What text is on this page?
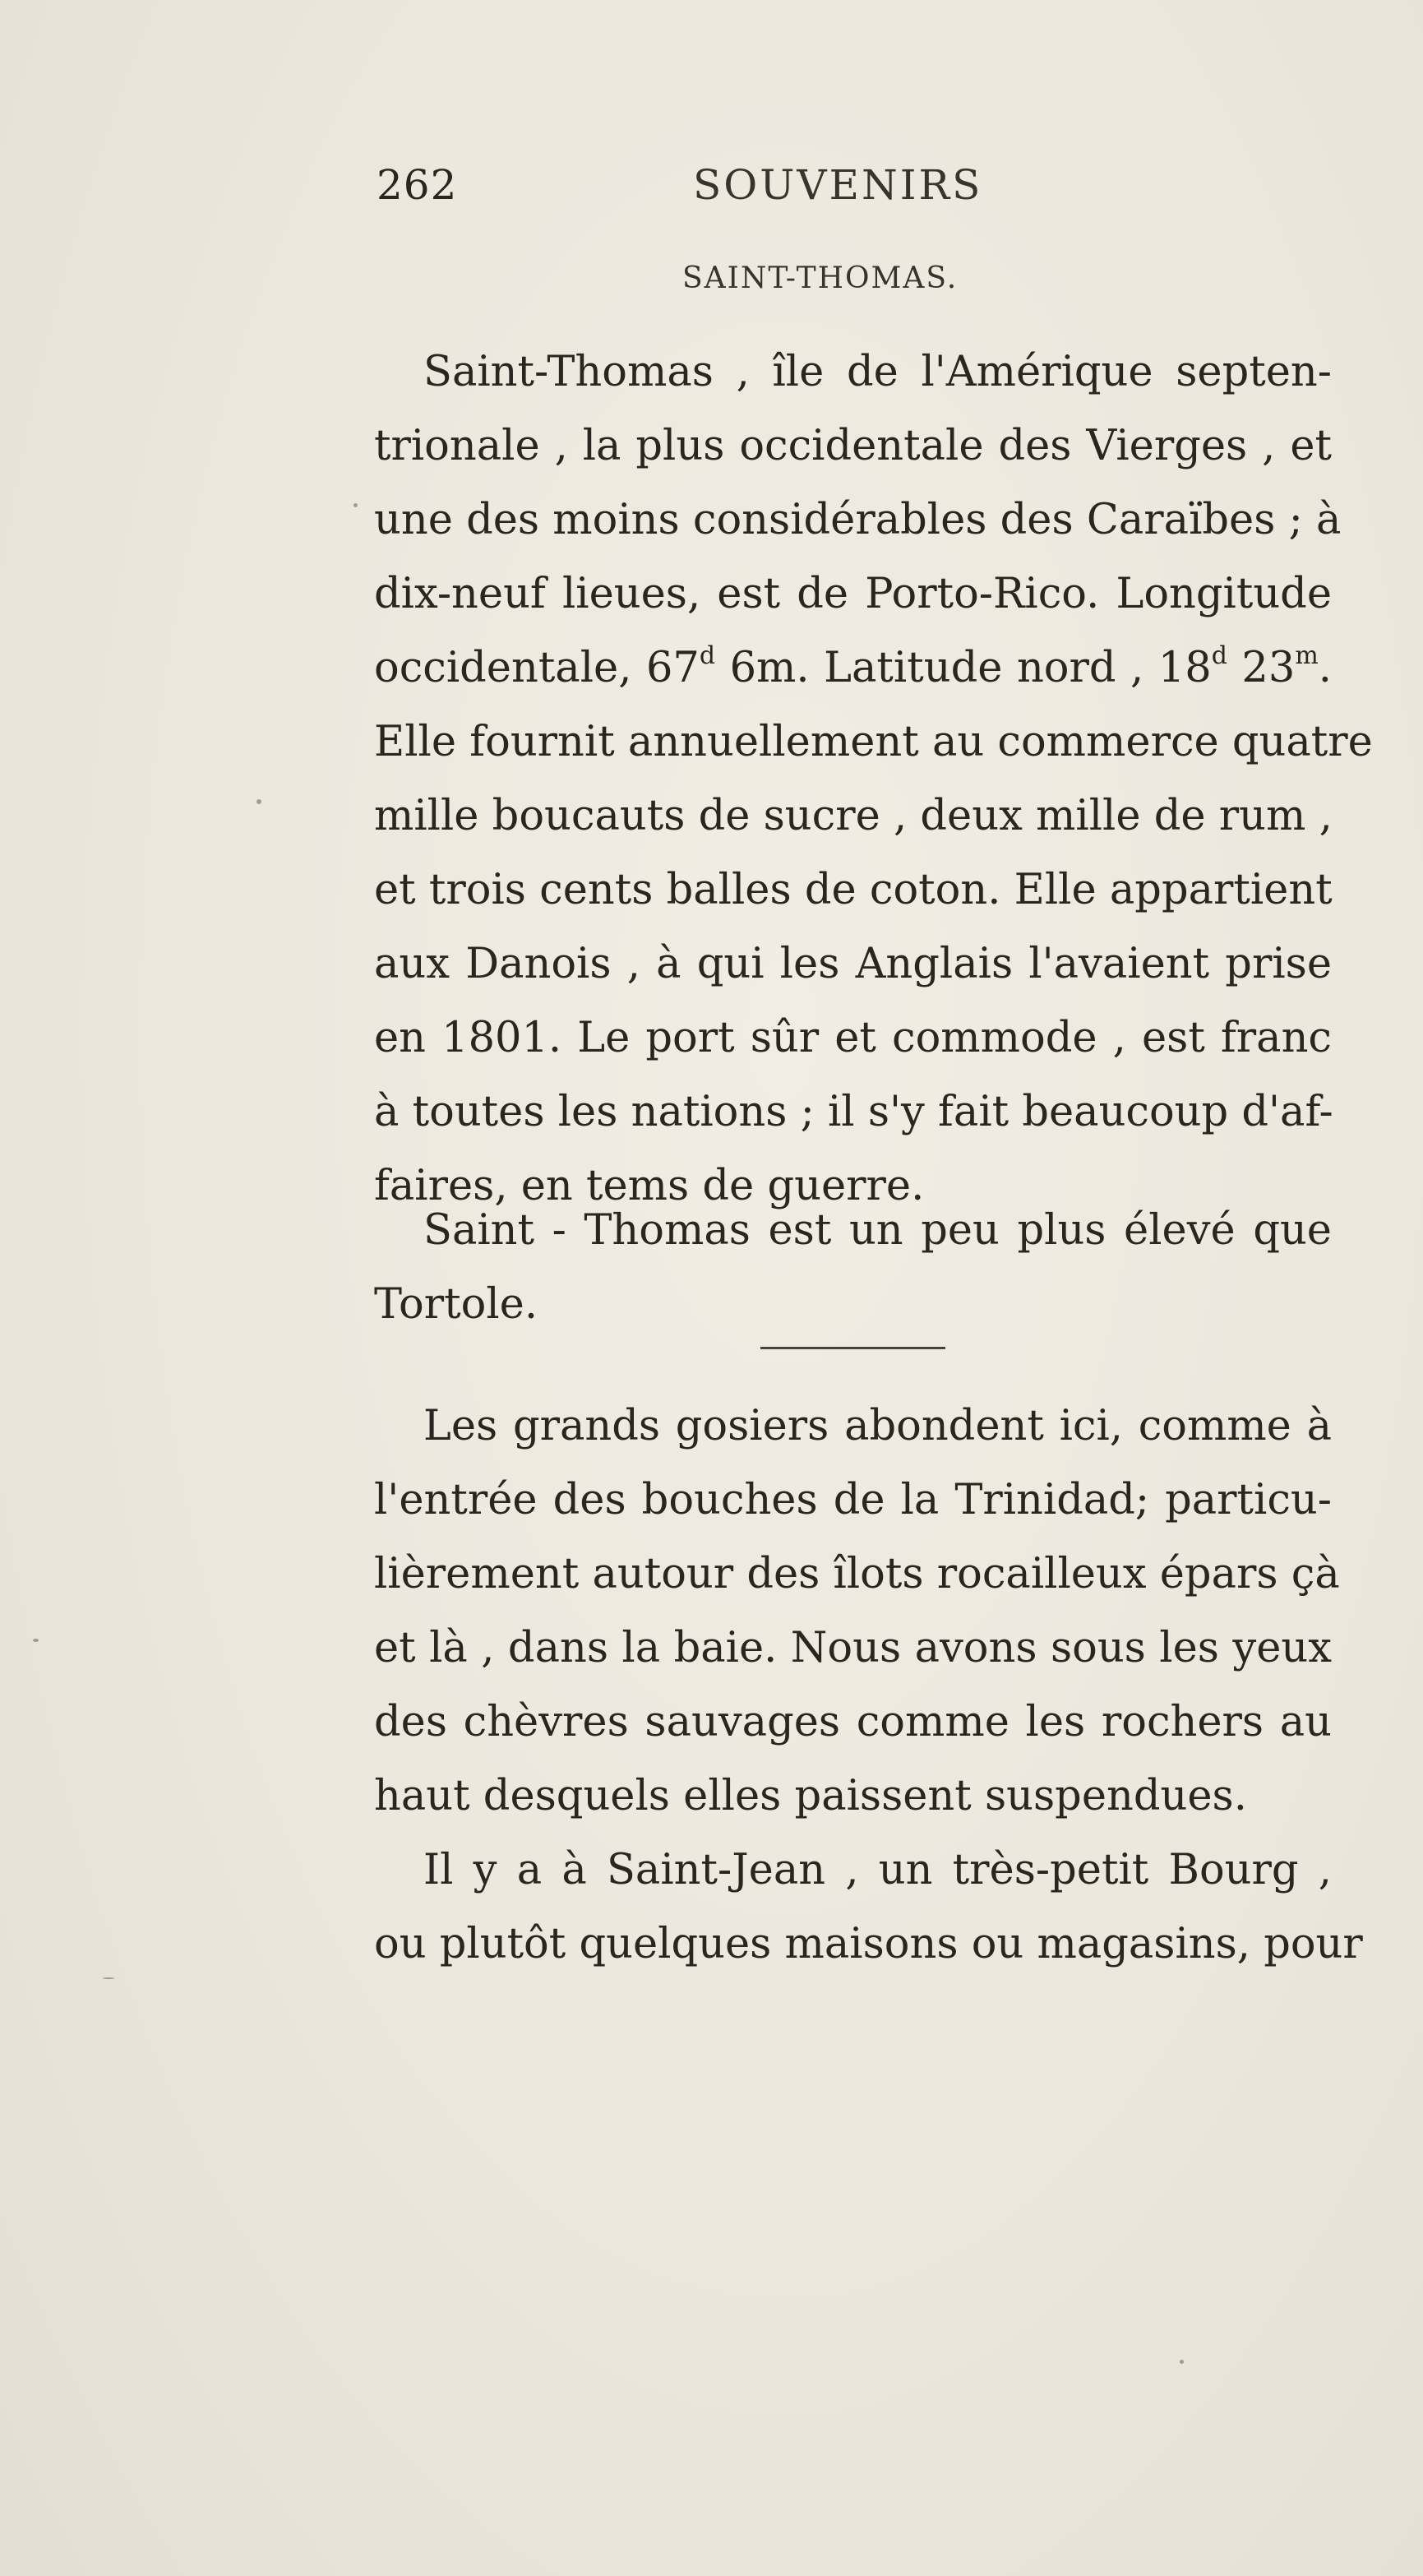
262	SOUVENIRS
SAINT-THOMAS.
Saint-Thomas , île de l'Amérique septen-
trionale , la plus occidentale des Vierges , et
une des moins considérables des Caraïbes ; à
dix-neuf lieues, est de Porto-Rico. Longitude
occidentale, 67$^d$ 6m. Latitude nord , 18$^d$ 23$^m$.
Elle fournit annuellement au commerce quatre
mille boucauts de sucre , deux mille de rum ,
et trois cents balles de coton. Elle appartient
aux Danois , à qui les Anglais l'avaient prise
en 1801. Le port sûr et commode , est franc
à toutes les nations ; il s'y fait beaucoup d'af-
faires, en tems de guerre.
Saint - Thomas est un peu plus élevé que
Tortole.
Les grands gosiers abondent ici, comme à
l'entrée des bouches de la Trinidad; particu-
lièrement autour des îlots rocailleux épars çà
et là , dans la baie. Nous avons sous les yeux
des chèvres sauvages comme les rochers au
haut desquels elles paissent suspendues.
Il y a à Saint-Jean , un très-petit Bourg ,
ou plutôt quelques maisons ou magasins, pour
